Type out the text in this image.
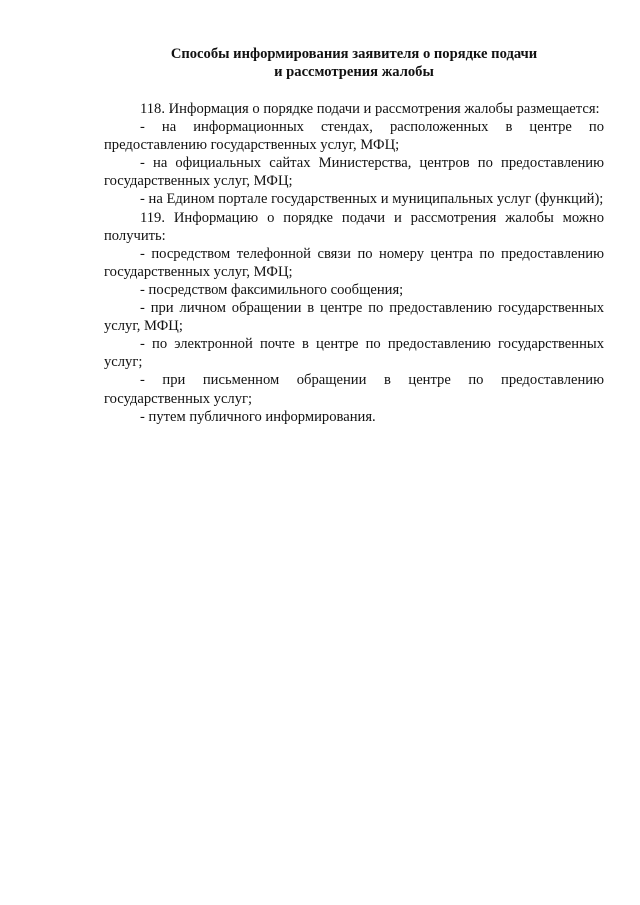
Способы информирования заявителя о порядке подачи
и рассмотрения жалобы

118. Информация о порядке подачи и рассмотрения жалобы размещается:

- на информационных стендах, расположенных в центре по предоставлению государственных услуг, МФЦ;

- на официальных сайтах Министерства, центров по предоставлению государственных услуг, МФЦ;

- на Едином портале государственных и муниципальных услуг (функций);

119. Информацию о порядке подачи и рассмотрения жалобы можно получить:

- посредством телефонной связи по номеру центра по предоставлению государственных услуг, МФЦ;

- посредством факсимильного сообщения;

- при личном обращении в центре по предоставлению государственных услуг, МФЦ;

- по электронной почте в центре по предоставлению государственных услуг;

- при письменном обращении в центре по предоставлению государственных услуг;

- путем публичного информирования.
